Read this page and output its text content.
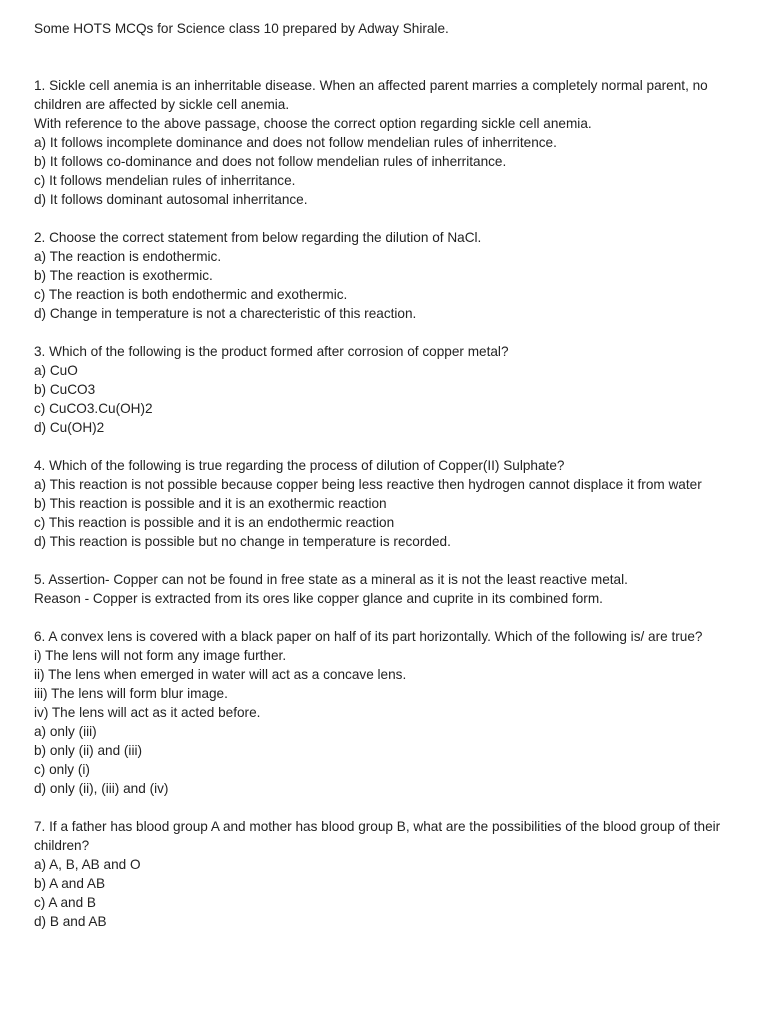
Some HOTS MCQs for Science class 10 prepared by Adway Shirale.

1. Sickle cell anemia is an inherritable disease. When an affected parent marries a completely normal parent, no children are affected by sickle cell anemia.

With reference to the above passage, choose the correct option regarding sickle cell anemia.

a) It follows incomplete dominance and does not follow mendelian rules of inherritence.
b) It follows co-dominance and does not follow mendelian rules of inherritance.
c) It follows mendelian rules of inherritance.
d) It follows dominant autosomal inherritance.

2. Choose the correct statement from below regarding the dilution of NaCl.

a) The reaction is endothermic.
b) The reaction is exothermic.
c) The reaction is both endothermic and exothermic.
d) Change in temperature is not a charecteristic of this reaction.

3. Which of the following is the product formed after corrosion of copper metal?

a) CuO
b) CuCO3
c) CuCO3.Cu(OH)2
d) Cu(OH)2

4. Which of the following is true regarding the process of dilution of Copper(II) Sulphate?

a) This reaction is not possible because copper being less reactive then hydrogen cannot displace it from water
b) This reaction is possible and it is an exothermic reaction
c) This reaction is possible and it is an endothermic reaction
d) This reaction is possible but no change in temperature is recorded.

5. Assertion- Copper can not be found in free state as a mineral as it is not the least reactive metal.

Reason - Copper is extracted from its ores like copper glance and cuprite in its combined form.

6. A convex lens is covered with a black paper on half of its part horizontally. Which of the following is/ are true?

i) The lens will not form any image further.

ii) The lens when emerged in water will act as a concave lens.

iii) The lens will form blur image.

iv) The lens will act as it acted before.

a) only (iii)
b) only (ii) and (iii)
c) only (i)
d) only (ii), (iii) and (iv)

7. If a father has blood group A and mother has blood group B, what are the possibilities of the blood group of their children?

a) A, B, AB and O
b) A and AB
c) A and B
d) B and AB
